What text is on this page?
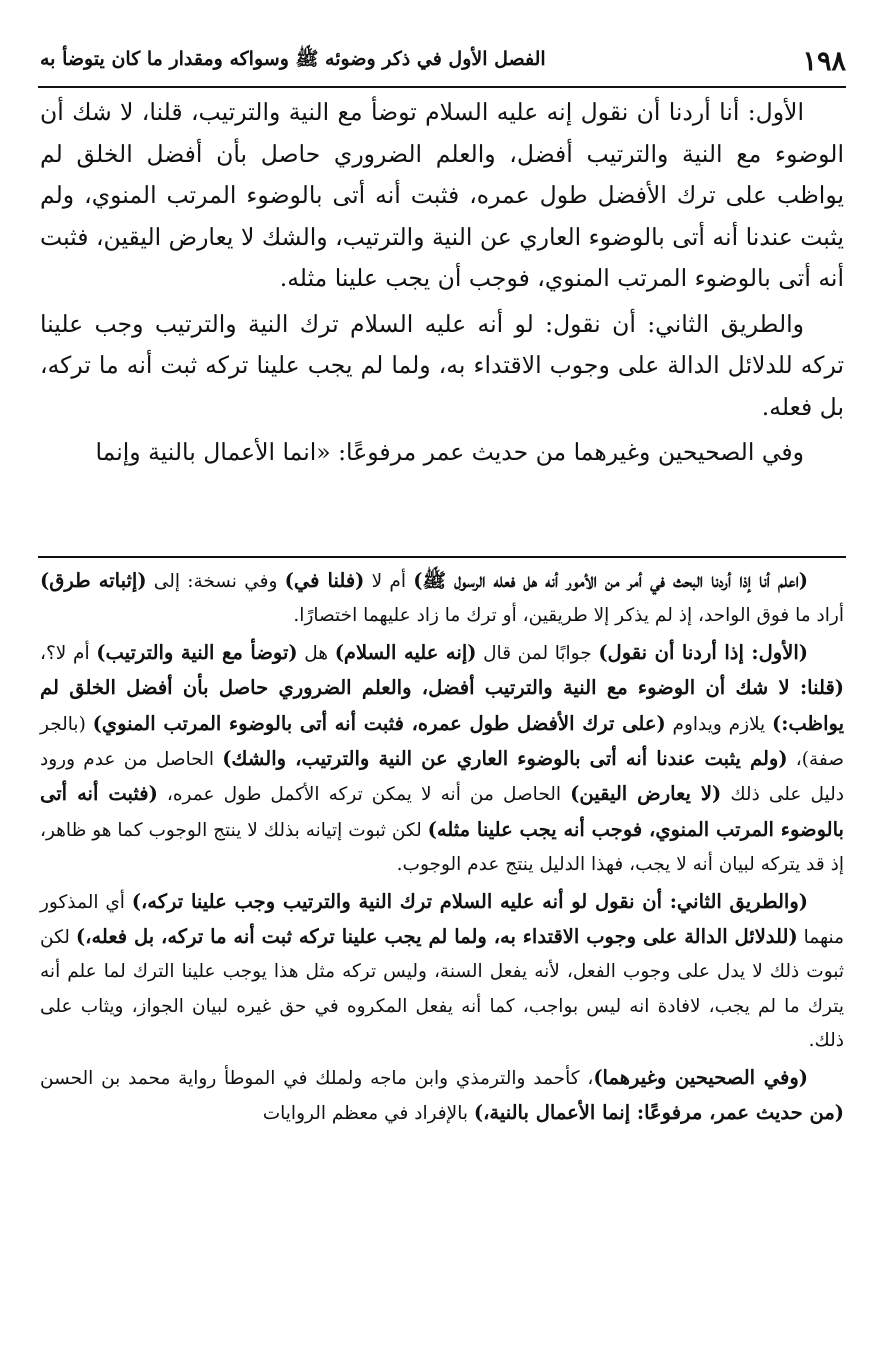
١٩٨
الفصل الأول في ذكر وضوئه ﷺ وسواكه ومقدار ما كان يتوضأ به

الأول: أنا أردنا أن نقول إنه عليه السلام توضأ مع النية والترتيب، قلنا، لا شك أن الوضوء مع النية والترتيب أفضل، والعلم الضروري حاصل بأن أفضل الخلق لم يواظب على ترك الأفضل طول عمره، فثبت أنه أتى بالوضوء المرتب المنوي، ولم يثبت عندنا أنه أتى بالوضوء العاري عن النية والترتيب، والشك لا يعارض اليقين، فثبت أنه أتى بالوضوء المرتب المنوي، فوجب أن يجب علينا مثله.

والطريق الثاني: أن نقول: لو أنه عليه السلام ترك النية والترتيب وجب علينا تركه للدلائل الدالة على وجوب الاقتداء به، ولما لم يجب علينا تركه ثبت أنه ما تركه، بل فعله.

وفي الصحيحين وغيرهما من حديث عمر مرفوعًا: «انما الأعمال بالنية وإنما

(اعلم أنا إذا أردنا البحث في أمر من الأمور أنه هل فعله الرسول ﷺ) أم لا (فلنا في) وفي نسخة: إلى (إثباته طرق) أراد ما فوق الواحد، إذ لم يذكر إلا طريقين، أو ترك ما زاد عليهما اختصارًا.

(الأول: إذا أردنا أن نقول) جوابًا لمن قال (إنه عليه السلام) هل (توضأ مع النية والترتيب) أم لا؟، (قلنا: لا شك أن الوضوء مع النية والترتيب أفضل، والعلم الضروري حاصل بأن أفضل الخلق لم يواظب:) يلازم ويداوم (على ترك الأفضل طول عمره، فثبت أنه أتى بالوضوء المرتب المنوي) (بالجر صفة)، (ولم يثبت عندنا أنه أتى بالوضوء العاري عن النية والترتيب، والشك) الحاصل من عدم ورود دليل على ذلك (لا يعارض اليقين) الحاصل من أنه لا يمكن تركه الأكمل طول عمره، (فثبت أنه أتى بالوضوء المرتب المنوي، فوجب أنه يجب علينا مثله) لكن ثبوت إتيانه بذلك لا ينتج الوجوب كما هو ظاهر، إذ قد يتركه لبيان أنه لا يجب، فهذا الدليل ينتج عدم الوجوب.

(والطريق الثاني: أن نقول لو أنه عليه السلام ترك النية والترتيب وجب علينا تركه،) أي المذكور منهما (للدلائل الدالة على وجوب الاقتداء به، ولما لم يجب علينا تركه ثبت أنه ما تركه، بل فعله،) لكن ثبوت ذلك لا يدل على وجوب الفعل، لأنه يفعل السنة، وليس تركه مثل هذا يوجب علينا الترك لما علم أنه يترك ما لم يجب، لافادة انه ليس بواجب، كما أنه يفعل المكروه في حق غيره لبيان الجواز، ويثاب على ذلك.

(وفي الصحيحين وغيرهما)، كأحمد والترمذي وابن ماجه ولملك في الموطأ رواية محمد بن الحسن (من حديث عمر، مرفوعًا: إنما الأعمال بالنية،) بالإفراد في معظم الروايات
